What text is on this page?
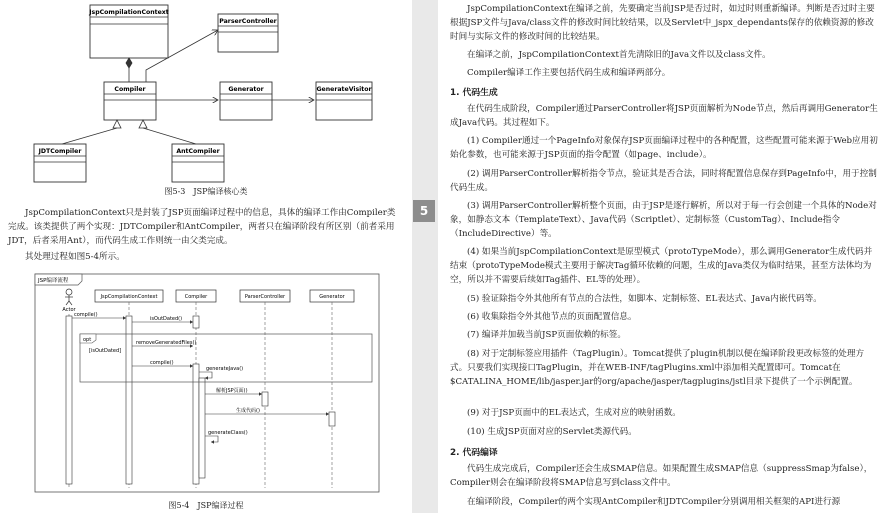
JspCompilationContext
ParserController
Compiler	Generator	GenerateVisitor
JDTCompiler	AntCompiler
图5-3　JSP编译核心类

JspCompilationContext只是封装了JSP页面编译过程中的信息，具体的编译工作由Compiler类完成。该类提供了两个实现：JDTCompiler和AntCompiler，两者只在编译阶段有所区别（前者采用JDT，后者采用Ant），而代码生成工作则统一由父类完成。

其处理过程如图5-4所示。

JSP编译流程
Actor
JspCompilationContext	Compiler	ParserController	Generator
opt
[isOutDated]
compile()
isOutDated()
removeGeneratedFiles()
compile()
generateJava()
解析JSP页面()
生成代码()
generateClass()
图5-4　JSP编译过程
5

JspCompilationContext在编译之前，先要确定当前JSP是否过时，如过时则重新编译。判断是否过时主要根据JSP文件与Java/class文件的修改时间比较结果，以及Servlet中_jspx_dependants保存的依赖资源的修改时间与实际文件的修改时间的比较结果。

在编译之前，JspCompilationContext首先清除旧的Java文件以及class文件。

Compiler编译工作主要包括代码生成和编译两部分。

1. 代码生成

在代码生成阶段，Compiler通过ParserController将JSP页面解析为Node节点，然后再调用Generator生成Java代码。其过程如下。

(1) Compiler通过一个PageInfo对象保存JSP页面编译过程中的各种配置，这些配置可能来源于Web应用初始化参数，也可能来源于JSP页面的指令配置（如page、include）。

(2) 调用ParserController解析指令节点，验证其是否合法，同时将配置信息保存到PageInfo中，用于控制代码生成。

(3) 调用ParserController解析整个页面，由于JSP是逐行解析，所以对于每一行会创建一个具体的Node对象，如静态文本（TemplateText）、Java代码（Scriptlet）、定制标签（CustomTag）、Include指令（IncludeDirective）等。

(4) 如果当前JspCompilationContext是原型模式（protoTypeMode），那么调用Generator生成代码并结束（protoTypeMode模式主要用于解决Tag循环依赖的问题，生成的Java类仅为临时结果，甚至方法体均为空，所以并不需要后续如Tag插件、EL等的处理）。

(5) 验证除指令外其他所有节点的合法性，如脚本、定制标签、EL表达式、Java内嵌代码等。

(6) 收集除指令外其他节点的页面配置信息。

(7) 编译并加载当前JSP页面依赖的标签。

(8) 对于定制标签应用插件（TagPlugin）。Tomcat提供了plugin机制以便在编译阶段更改标签的处理方式。只要我们实现接口TagPlugin，并在WEB-INF/tagPlugins.xml中添加相关配置即可。Tomcat在$CATALINA_HOME/lib/jasper.jar的org/apache/jasper/tagplugins/jstl目录下提供了一个示例配置。

(9) 对于JSP页面中的EL表达式，生成对应的映射函数。

(10) 生成JSP页面对应的Servlet类源代码。

2. 代码编译

代码生成完成后，Compiler还会生成SMAP信息。如果配置生成SMAP信息（suppressSmap为false），Compiler则会在编译阶段将SMAP信息写到class文件中。

在编译阶段，Compiler的两个实现AntCompiler和JDTCompiler分别调用相关框架的API进行源
